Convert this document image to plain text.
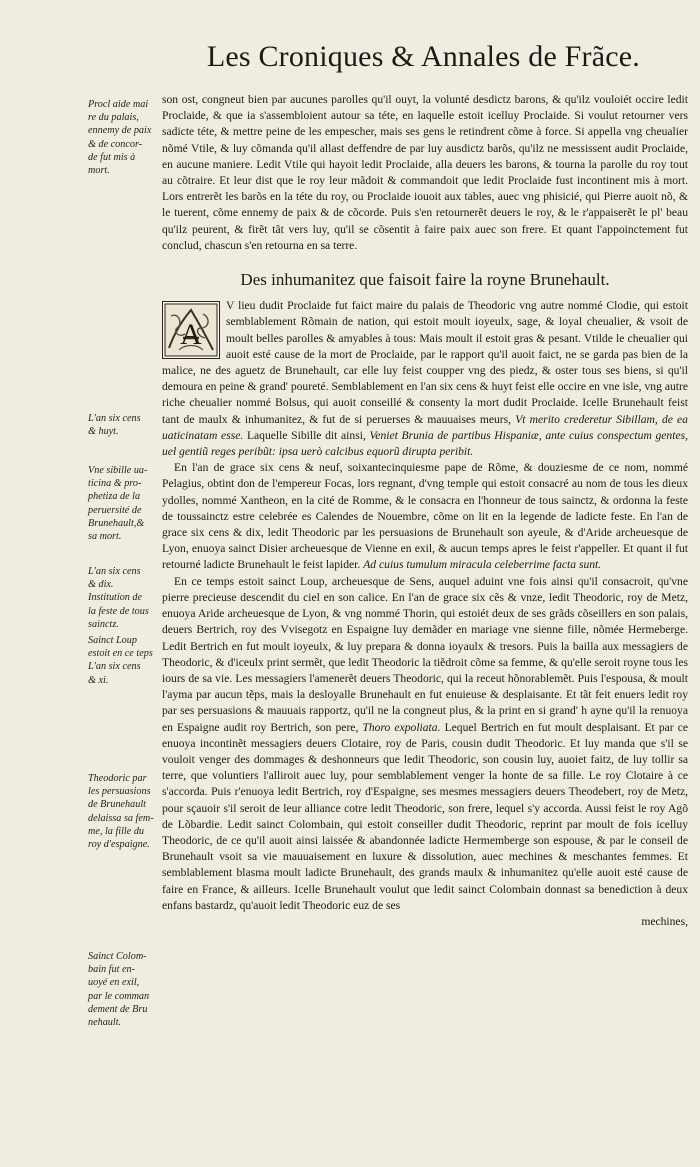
Les Croniques & Annales de Frãce.
Procl aide mai
re du palais,
ennemy de paix
& de concor-
de fut mis à
mort.
L'an six cens
& huyt.
Vne sibille ua-
ticina & pro-
phetiza de la
peruersité de
Brunehault,&
sa mort.
L'an six cens
& dix.
Institution de
la feste de tous
sainctz.
Sainct Loup
estoit en ce teps
L'an six cens
& xi.
Theodoric par
les persuasions
de Brunehault
delaissa sa fem-
me, la fille du
roy d'espaigne.
Sainct Colom-
bain fut en-
uoyé en exil,
par le comman
dement de Bru
nehault.

son ost, congneut bien par aucunes parolles qu'il ouyt, la volunté desdictz barons, & qu'ilz vouloiét occire ledit Proclaide, & que ia s'assembloient autour sa téte, en laquelle estoit icelluy Proclaide. Si voulut retourner vers sadicte téte, & mettre peine de les empescher, mais ses gens le retindrent cõme à force. Si appella vng cheualier nõmé Vtile, & luy cõmanda qu'il allast deffendre de par luy ausdictz barõs, qu'ilz ne messissent audit Proclaide, en aucune maniere. Ledit Vtile qui hayoit ledit Proclaide, alla deuers les barons, & tourna la parolle du roy tout au cõtraire. Et leur dist que le roy leur mãdoit & commandoit que ledit Proclaide fust incontinent mis à mort. Lors entrerẽt les barõs en la téte du roy, ou Proclaide iouoit aux tables, auec vng phisicié, qui Pierre auoit nõ, & le tuerent, cõme ennemy de paix & de cõcorde. Puis s'en retournerẽt deuers le roy, & le r'appaiserẽt le pl' beau qu'ilz peurent, & firẽt tãt vers luy, qu'il se cõsentit à faire paix auec son frere. Et quant l'appoinctement fut conclud, chascun s'en retourna en sa terre.

Des inhumanitez que faisoit faire la royne Brunehault.

A
V lieu dudit Proclaide fut faict maire du palais de Theodoric vng autre nommé Clodie, qui estoit semblablement Rõmain de nation, qui estoit moult ioyeulx, sage, & loyal cheualier, & vsoit de moult belles parolles & amyables à tous: Mais moult il estoit gras & pesant. Vtilde le cheualier qui auoit esté cause de la mort de Proclaide, par le rapport qu'il auoit faict, ne se garda pas bien de la malice, ne des aguetz de Brunehault, car elle luy feist coupper vng des piedz, & oster tous ses biens, si qu'il demoura en peine & grand' poureté. Semblablement en l'an six cens & huyt feist elle occire en vne isle, vng autre riche cheualier nommé Bolsus, qui auoit conseillé & consenty la mort dudit Proclaide. Icelle Brunehault feist tant de maulx & inhumanitez, & fut de si peruerses & mauuaises meurs, Vt merito crederetur Sibillam, de ea uaticinatam esse. Laquelle Sibille dit ainsi, Veniet Brunia de partibus Hispaniæ, ante cuius conspectum gentes, uel gentiũ reges peribũt: ipsa uerò calcibus equorũ dirupta peribit.

En l'an de grace six cens & neuf, soixantecinquiesme pape de Rõme, & douziesme de ce nom, nommé Pelagius, obtint don de l'empereur Focas, lors regnant, d'vng temple qui estoit consacré au nom de tous les dieux ydolles, nommé Xantheon, en la cité de Romme, & le consacra en l'honneur de tous sainctz, & ordonna la feste de toussainctz estre celebrée es Calendes de Nouembre, cõme on lit en la legende de ladicte feste. En l'an de grace six cens & dix, ledit Theodoric par les persuasions de Brunehault son ayeule, & d'Aride archeuesque de Lyon, enuoya sainct Disier archeuesque de Vienne en exil, & aucun temps apres le feist r'appeller. Et quant il fut retourné ladicte Brunehault le feist lapider. Ad cuius tumulum miracula celeberrime facta sunt.

En ce temps estoit sainct Loup, archeuesque de Sens, auquel aduint vne fois ainsi qu'il consacroit, qu'vne pierre precieuse descendit du ciel en son calice. En l'an de grace six cẽs & vnze, ledit Theodoric, roy de Metz, enuoya Aride archeuesque de Lyon, & vng nommé Thorin, qui estoiét deux de ses grãds cõseillers en son palais, deuers Bertrich, roy des Vvisegotz en Espaigne luy demãder en mariage vne sienne fille, nõmée Hermeberge. Ledit Bertrich en fut moult ioyeulx, & luy prepara & donna ioyaulx & tresors. Puis la bailla aux messagiers de Theodoric, & d'iceulx print sermẽt, que ledit Theodoric la tiẽdroit cõme sa femme, & qu'elle seroit royne tous les iours de sa vie. Les messagiers l'amenerẽt deuers Theodoric, qui la receut hõnorablemẽt. Puis l'espousa, & moult l'ayma par aucun tẽps, mais la desloyalle Brunehault en fut enuieuse & desplaisante. Et tãt feit enuers ledit roy par ses persuasions & mauuais rapportz, qu'il ne la congneut plus, & la print en si grand' h ayne qu'il la renuoya en Espaigne audit roy Bertrich, son pere, Thoro expoliata. Lequel Bertrich en fut moult desplaisant. Et par ce enuoya incontinẽt messagiers deuers Clotaire, roy de Paris, cousin dudit Theodoric. Et luy manda que s'il se vouloit venger des dommages & deshonneurs que ledit Theodoric, son cousin luy, auoiet faitz, de luy tollir sa terre, que voluntiers l'alliroit auec luy, pour semblablement venger la honte de sa fille. Le roy Clotaire à ce s'accorda. Puis r'enuoya ledit Bertrich, roy d'Espaigne, ses mesmes messagiers deuers Theodebert, roy de Metz, pour sçauoir s'il seroit de leur alliance cotre ledit Theodoric, son frere, lequel s'y accorda. Aussi feist le roy Agõ de Lõbardie. Ledit sainct Colombain, qui estoit conseiller dudit Theodoric, reprint par moult de fois icelluy Theodoric, de ce qu'il auoit ainsi laissée & abandonnée ladicte Hermemberge son espouse, & par le conseil de Brunehault vsoit sa vie mauuaisement en luxure & dissolution, auec mechines & meschantes femmes. Et semblablement blasma moult ladicte Brunehault, des grands maulx & inhumanitez qu'elle auoit esté cause de faire en France, & ailleurs. Icelle Brunehault voulut que ledit sainct Colombain donnast sa benediction à deux enfans bastardz, qu'auoit ledit Theodoric euz de ses

mechines,
